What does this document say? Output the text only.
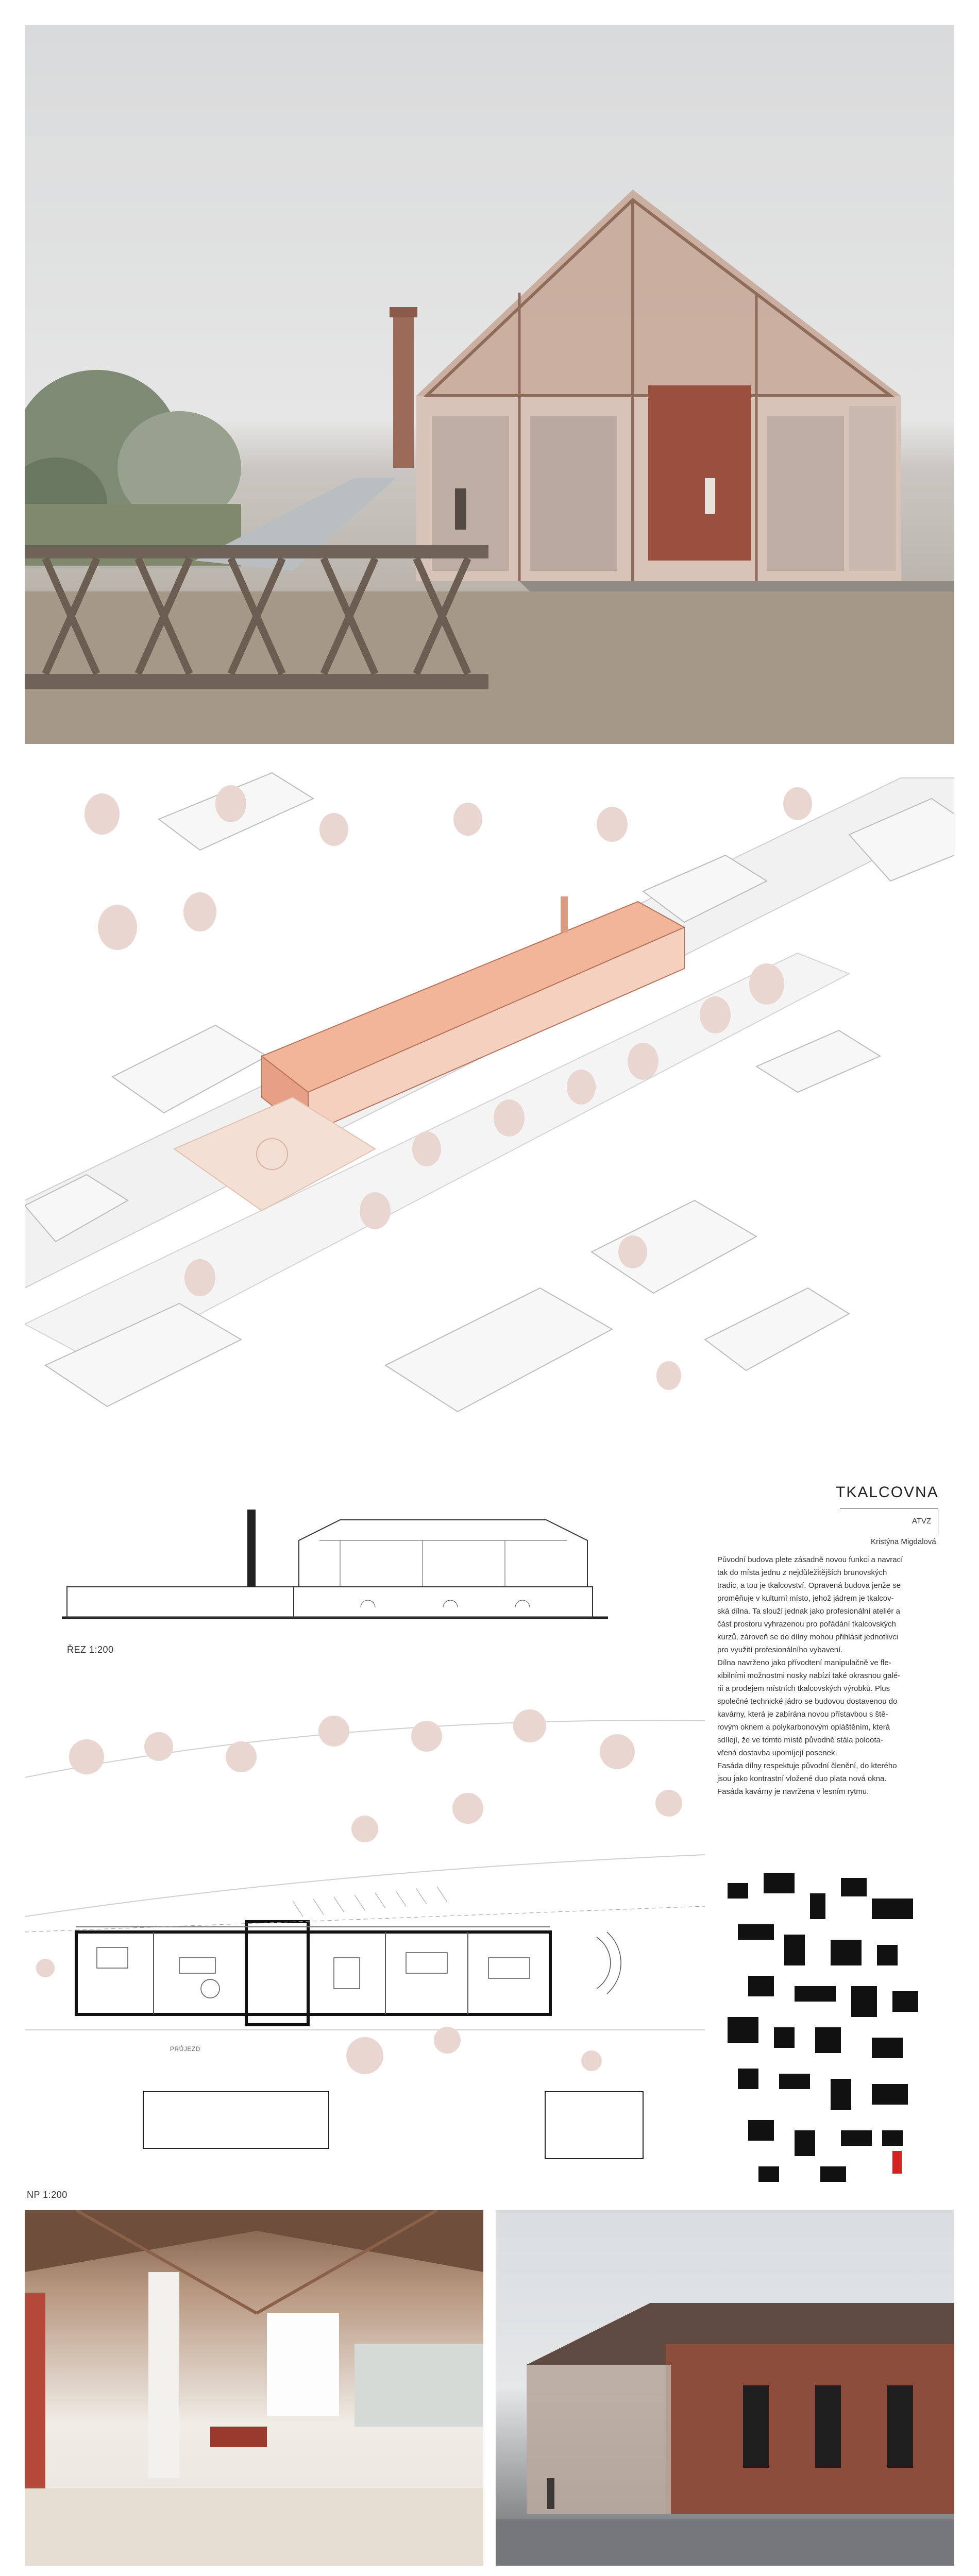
ŘEZ 1:200
TKALCOVNA
ATVZ
Kristýna Migdalová
Původní budova plete zásadně novou funkci a navrací
tak do místa jednu z nejdůležitějších brunovských
tradic, a tou je tkalcovství. Opravená budova jenže se
proměňuje v kulturní místo, jehož jádrem je tkalcov-
ská dílna. Ta slouží jednak jako profesionální ateliér a
část prostoru vyhrazenou pro pořádání tkalcovských
kurzů, zároveň se do dílny mohou přihlásit jednotlivci
pro využití profesionálního vybavení.
Dílna navrženo jako přívodtení manipulačně ve fle-
xibilními možnostmi nosky nabízí také okrasnou galé-
rii a prodejem místních tkalcovských výrobků. Plus
společné technické jádro se budovou dostavenou do
kavárny, která je zabírána novou přístavbou s ště-
rovým oknem a polykarbonovým opláštěním, která
sdílejí, že ve tomto místě původně stála poloota-
vřená dostavba upomíjejí posenek.
Fasáda dílny respektuje původní členění, do kterého
jsou jako kontrastní vložené duo plata nová okna.
Fasáda kavárny je navržena v lesním rytmu.
PRŮJEZD
NP 1:200
